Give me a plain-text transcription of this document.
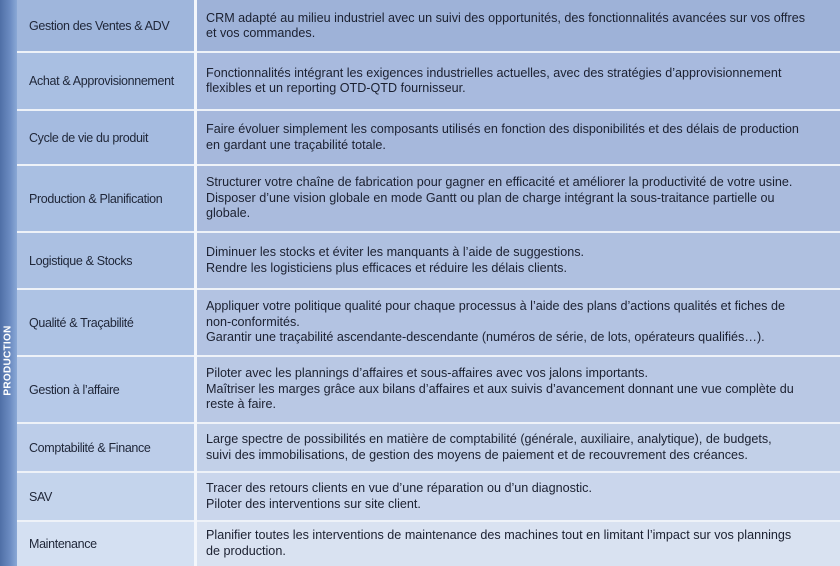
PRODUCTION
Gestion des Ventes & ADV
Achat & Approvisionnement
Cycle de vie du produit
Production & Planification
Logistique & Stocks
Qualité & Traçabilité
Gestion à l’affaire
Comptabilité & Finance
SAV
Maintenance
CRM adapté au milieu industriel avec un suivi des opportunités, des fonctionnalités avancées sur vos offres
et vos commandes.
Fonctionnalités intégrant les exigences industrielles actuelles, avec des stratégies d’approvisionnement
flexibles et un reporting OTD-QTD fournisseur.
Faire évoluer simplement les composants utilisés en fonction des disponibilités et des délais de production
en gardant une traçabilité totale.
Structurer votre chaîne de fabrication pour gagner en efficacité et améliorer la productivité de votre usine.
Disposer d’une vision globale en mode Gantt ou plan de charge intégrant la sous-traitance partielle ou
globale.
Diminuer les stocks et éviter les manquants à l’aide de suggestions.
Rendre les logisticiens plus efficaces et réduire les délais clients.
Appliquer votre politique qualité pour chaque processus à l’aide des plans d’actions qualités et fiches de
non-conformités.
Garantir une traçabilité ascendante-descendante (numéros de série, de lots, opérateurs qualifiés…).
Piloter avec les plannings d’affaires et sous-affaires avec vos jalons importants.
Maîtriser les marges grâce aux bilans d’affaires et aux suivis d’avancement donnant une vue complète du
reste à faire.
Large spectre de possibilités en matière de comptabilité (générale, auxiliaire, analytique), de budgets,
suivi des immobilisations, de gestion des moyens de paiement et de recouvrement des créances.
Tracer des retours clients en vue d’une réparation ou d’un diagnostic.
Piloter des interventions sur site client.
Planifier toutes les interventions de maintenance des machines tout en limitant l’impact sur vos plannings
de production.
